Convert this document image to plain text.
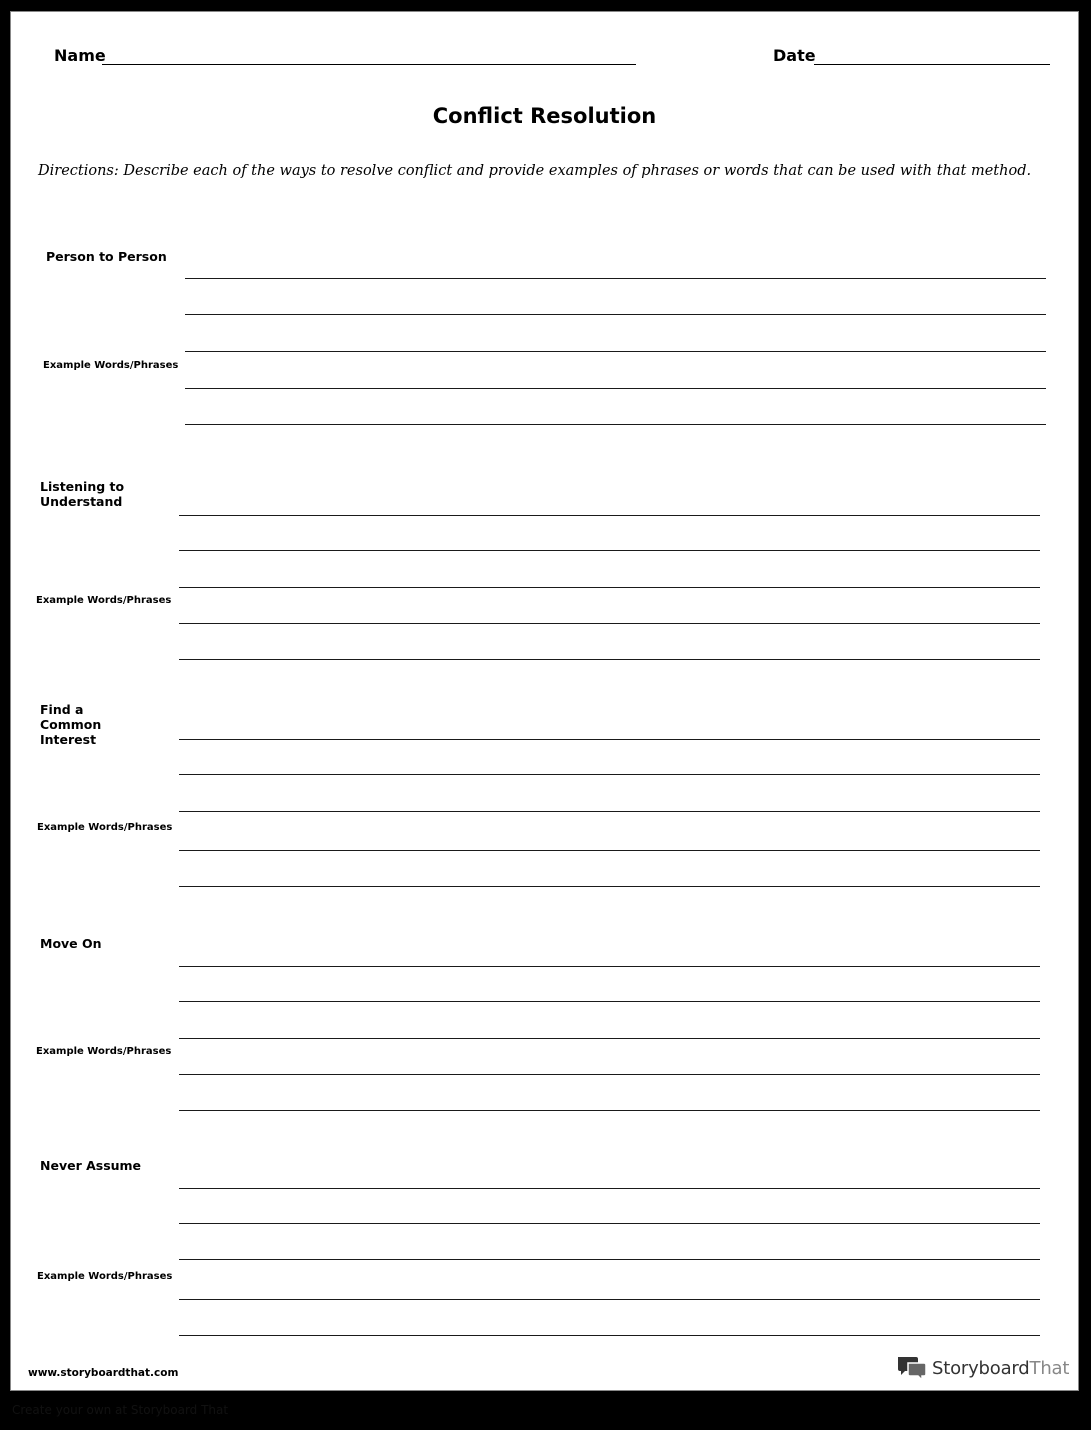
Name	Date
Conflict Resolution
Directions: Describe each of the ways to resolve conflict and provide examples of phrases or words that can be used with that method.
Person to Person
Example Words/Phrases
Listening to Understand
Example Words/Phrases
Find a Common Interest
Example Words/Phrases
Move On
Example Words/Phrases
Never Assume
Example Words/Phrases
www.storyboardthat.com	StoryboardThat
Create your own at Storyboard That
